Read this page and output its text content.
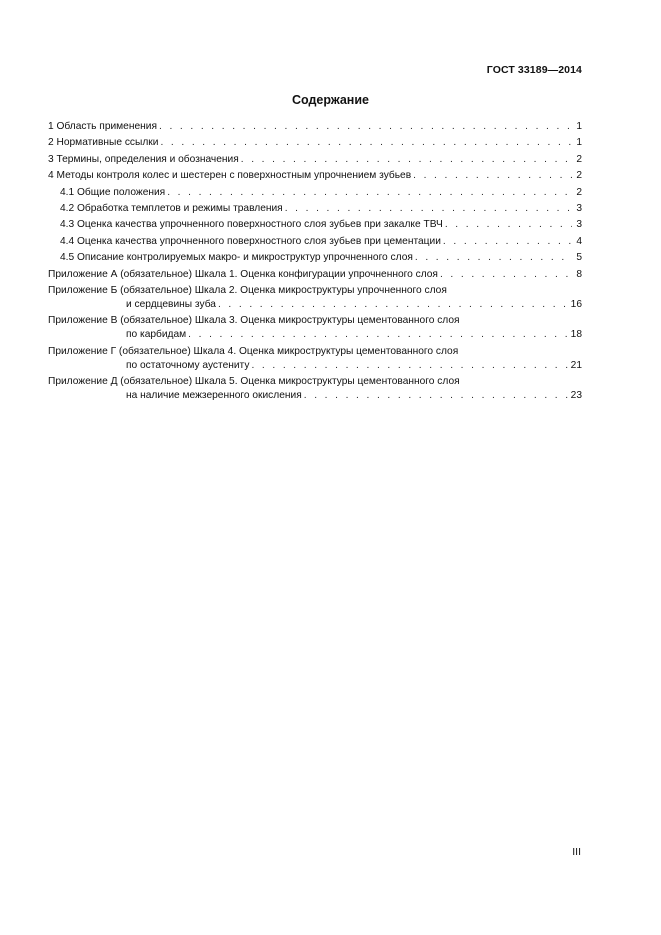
ГОСТ 33189—2014
Содержание
1 Область применения . . .	1
2 Нормативные ссылки . . .	1
3 Термины, определения и обозначения . . .	2
4 Методы контроля колес и шестерен с поверхностным упрочнением зубьев . . .	2
4.1 Общие положения . . .	2
4.2 Обработка темплетов и режимы травления . . .	3
4.3 Оценка качества упрочненного поверхностного слоя зубьев при закалке ТВЧ . . .	3
4.4 Оценка качества упрочненного поверхностного слоя зубьев при цементации . . .	4
4.5 Описание контролируемых макро- и микроструктур упрочненного слоя . . .	5
Приложение А (обязательное) Шкала 1. Оценка конфигурации упрочненного слоя . . .	8
Приложение Б (обязательное) Шкала 2. Оценка микроструктуры упрочненного слоя
и сердцевины зуба . . .	16
Приложение В (обязательное) Шкала 3. Оценка микроструктуры цементованного слоя
по карбидам . . .	18
Приложение Г (обязательное) Шкала 4. Оценка микроструктуры цементованного слоя
по остаточному аустениту . . .	21
Приложение Д (обязательное) Шкала 5. Оценка микроструктуры цементованного слоя
на наличие межзеренного окисления . . .	23
III
